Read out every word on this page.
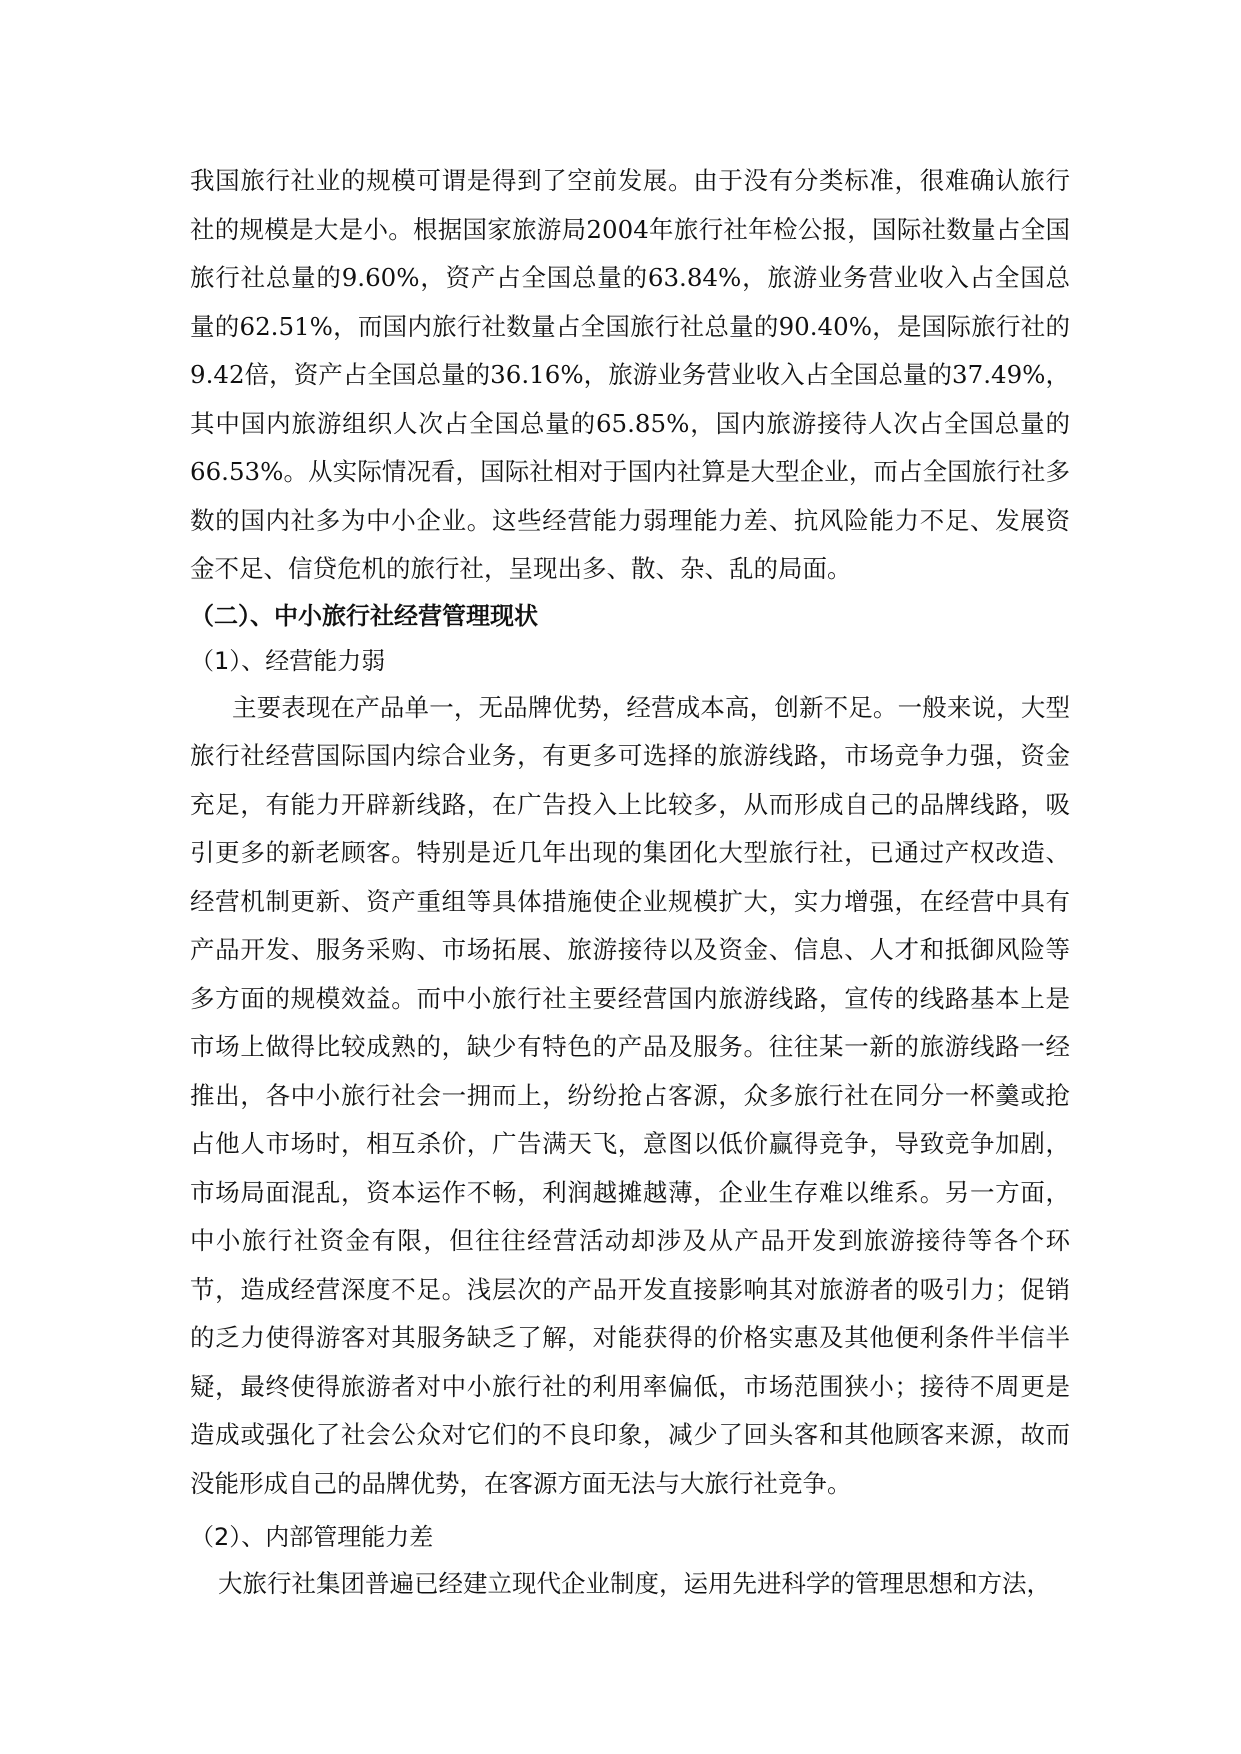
我国旅行社业的规模可谓是得到了空前发展。由于没有分类标准，很难确认旅行社的规模是大是小。根据国家旅游局2004年旅行社年检公报，国际社数量占全国旅行社总量的9.60%，资产占全国总量的63.84%，旅游业务营业收入占全国总量的62.51%，而国内旅行社数量占全国旅行社总量的90.40%，是国际旅行社的9.42倍，资产占全国总量的36.16%，旅游业务营业收入占全国总量的37.49%，其中国内旅游组织人次占全国总量的65.85%，国内旅游接待人次占全国总量的66.53%。从实际情况看，国际社相对于国内社算是大型企业，而占全国旅行社多数的国内社多为中小企业。这些经营能力弱理能力差、抗风险能力不足、发展资金不足、信贷危机的旅行社，呈现出多、散、杂、乱的局面。

（二）、中小旅行社经营管理现状

（1）、经营能力弱

主要表现在产品单一，无品牌优势，经营成本高，创新不足。一般来说，大型旅行社经营国际国内综合业务，有更多可选择的旅游线路，市场竞争力强，资金充足，有能力开辟新线路，在广告投入上比较多，从而形成自己的品牌线路，吸引更多的新老顾客。特别是近几年出现的集团化大型旅行社，已通过产权改造、经营机制更新、资产重组等具体措施使企业规模扩大，实力增强，在经营中具有产品开发、服务采购、市场拓展、旅游接待以及资金、信息、人才和抵御风险等多方面的规模效益。而中小旅行社主要经营国内旅游线路，宣传的线路基本上是市场上做得比较成熟的，缺少有特色的产品及服务。往往某一新的旅游线路一经推出，各中小旅行社会一拥而上，纷纷抢占客源，众多旅行社在同分一杯羹或抢占他人市场时，相互杀价，广告满天飞，意图以低价赢得竞争，导致竞争加剧，市场局面混乱，资本运作不畅，利润越摊越薄，企业生存难以维系。另一方面，中小旅行社资金有限，但往往经营活动却涉及从产品开发到旅游接待等各个环节，造成经营深度不足。浅层次的产品开发直接影响其对旅游者的吸引力；促销的乏力使得游客对其服务缺乏了解，对能获得的价格实惠及其他便利条件半信半疑，最终使得旅游者对中小旅行社的利用率偏低，市场范围狭小；接待不周更是造成或强化了社会公众对它们的不良印象，减少了回头客和其他顾客来源，故而没能形成自己的品牌优势，在客源方面无法与大旅行社竞争。

（2）、内部管理能力差

大旅行社集团普遍已经建立现代企业制度，运用先进科学的管理思想和方法，
